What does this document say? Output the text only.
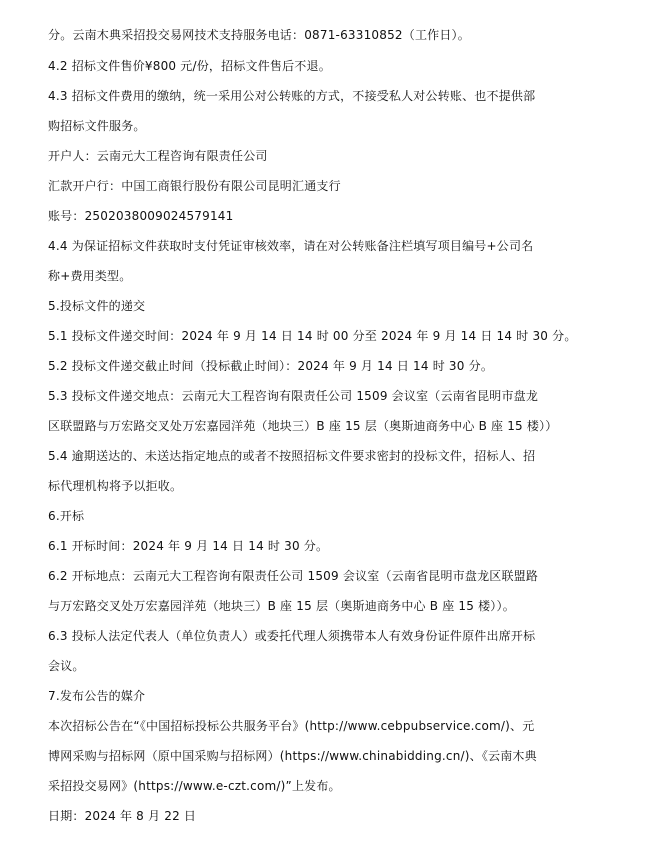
分。云南木典采招投交易网技术支持服务电话：0871-63310852（工作日）。
4.2 招标文件售价¥800 元/份，招标文件售后不退。
4.3 招标文件费用的缴纳，统一采用公对公转账的方式，不接受私人对公转账、也不提供部
购招标文件服务。
开户人：云南元大工程咨询有限责任公司
汇款开户行：中国工商银行股份有限公司昆明汇通支行
账号：2502038009024579141
4.4 为保证招标文件获取时支付凭证审核效率，请在对公转账备注栏填写项目编号+公司名
称+费用类型。
5.投标文件的递交
5.1 投标文件递交时间：2024 年 9 月 14 日 14 时 00 分至 2024 年 9 月 14 日 14 时 30 分。
5.2 投标文件递交截止时间（投标截止时间）：2024 年 9 月 14 日 14 时 30 分。
5.3 投标文件递交地点：云南元大工程咨询有限责任公司 1509 会议室（云南省昆明市盘龙
区联盟路与万宏路交叉处万宏嘉园洋苑（地块三）B 座 15 层（奥斯迪商务中心 B 座 15 楼））
5.4 逾期送达的、未送达指定地点的或者不按照招标文件要求密封的投标文件，招标人、招
标代理机构将予以拒收。
6.开标
6.1 开标时间：2024 年 9 月 14 日 14 时 30 分。
6.2 开标地点：云南元大工程咨询有限责任公司 1509 会议室（云南省昆明市盘龙区联盟路
与万宏路交叉处万宏嘉园洋苑（地块三）B 座 15 层（奥斯迪商务中心 B 座 15 楼））。
6.3 投标人法定代表人（单位负责人）或委托代理人须携带本人有效身份证件原件出席开标
会议。
7.发布公告的媒介
本次招标公告在“《中国招标投标公共服务平台》(http://www.cebpubservice.com/)、元
博网采购与招标网（原中国采购与招标网）(https://www.chinabidding.cn/)、《云南木典
采招投交易网》(https://www.e-czt.com/)”上发布。
日期：2024 年 8 月 22 日
